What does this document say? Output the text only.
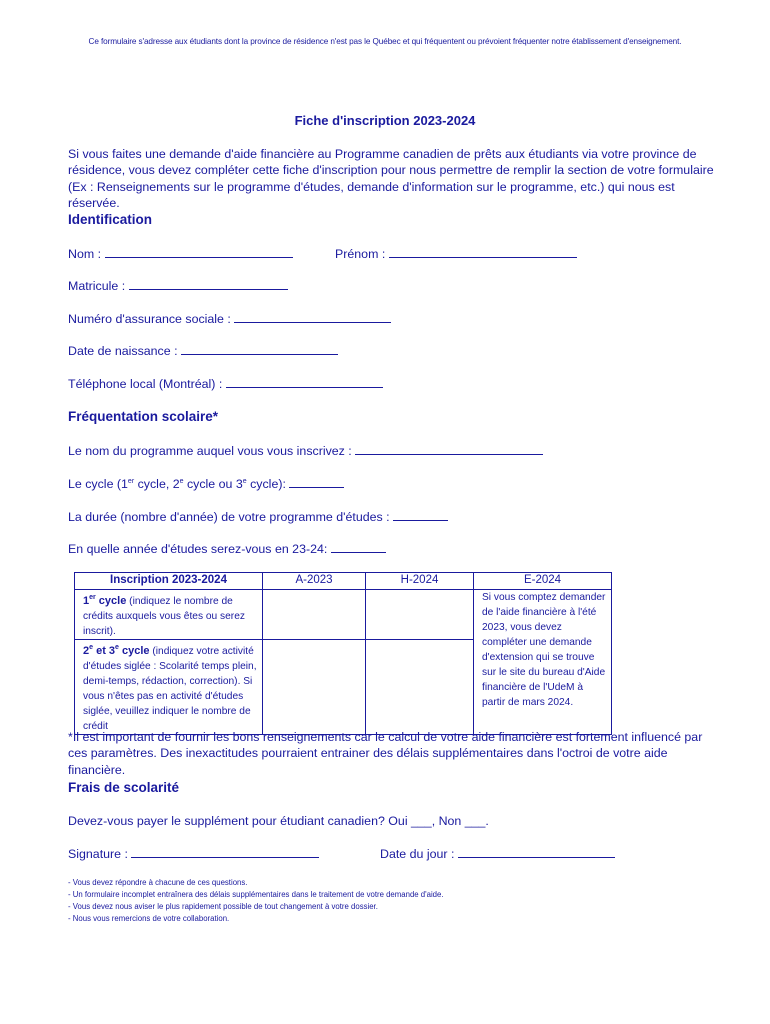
Ce formulaire s'adresse aux étudiants dont la province de résidence n'est pas le Québec et qui fréquentent ou prévoient fréquenter notre établissement d'enseignement.
Fiche d'inscription 2023-2024
Si vous faites une demande d'aide financière au Programme canadien de prêts aux étudiants via votre province de résidence, vous devez compléter cette fiche d'inscription pour nous permettre de remplir la section de votre formulaire (Ex : Renseignements sur le programme d'études, demande d'information sur le programme, etc.) qui nous est réservée.
Identification
Nom :	Prénom :
Matricule :
Numéro d'assurance sociale :
Date de naissance :
Téléphone local (Montréal) :
Fréquentation scolaire*
Le nom du programme auquel vous vous inscrivez :
Le cycle (1er cycle, 2e cycle ou 3e cycle):
La durée (nombre d'année) de votre programme d'études :
En quelle année d'études serez-vous en 23-24:
Inscription 2023-2024	A-2023	H-2024	E-2024
1er cycle (indiquez le nombre de crédits auxquels vous êtes ou serez inscrit).			Si vous comptez demander de l'aide financière à l'été 2023, vous devez compléter une demande d'extension qui se trouve sur le site du bureau d'Aide financière de l'UdeM à partir de mars 2024.
2e et 3e cycle (indiquez votre activité d'études siglée : Scolarité temps plein, demi-temps, rédaction, correction). Si vous n'êtes pas en activité d'études siglée, veuillez indiquer le nombre de crédit			
*Il est important de fournir les bons renseignements car le calcul de votre aide financière est fortement influencé par ces paramètres. Des inexactitudes pourraient entrainer des délais supplémentaires dans l'octroi de votre aide financière.
Frais de scolarité
Devez-vous payer le supplément pour étudiant canadien? Oui ___, Non ___.
Signature :	Date du jour :
- Vous devez répondre à chacune de ces questions.
- Un formulaire incomplet entraînera des délais supplémentaires dans le traitement de votre demande d'aide.
- Vous devez nous aviser le plus rapidement possible de tout changement à votre dossier.
- Nous vous remercions de votre collaboration.
